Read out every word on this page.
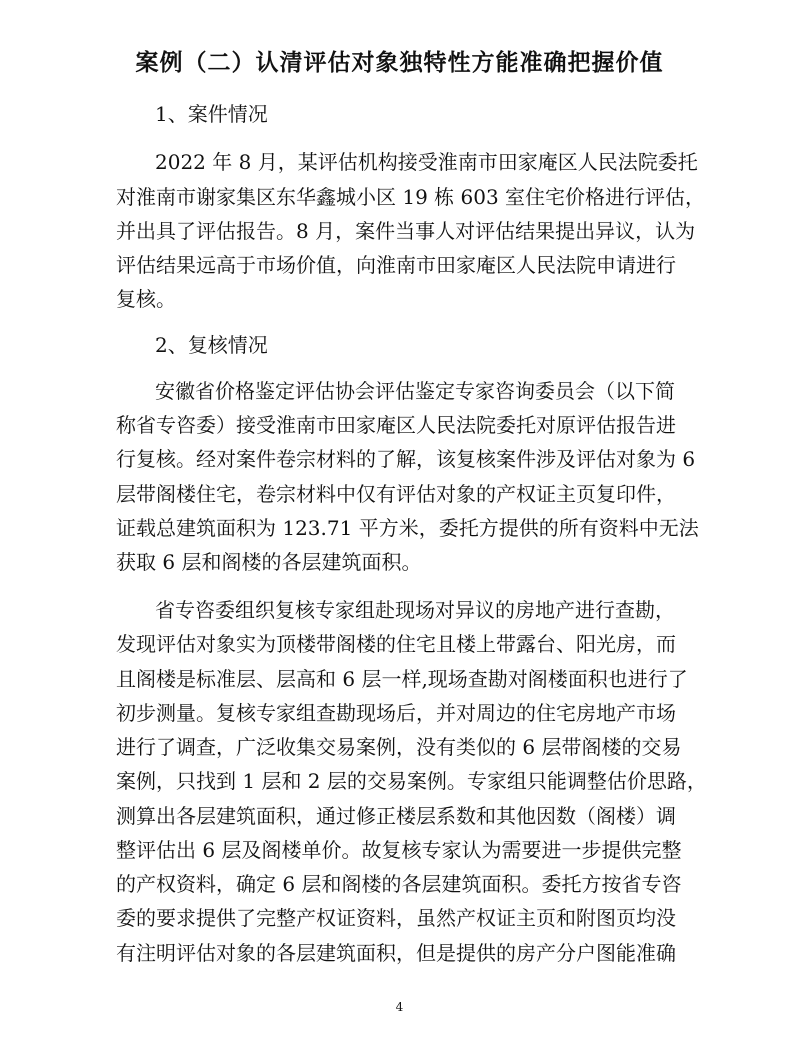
案例（二）认清评估对象独特性方能准确把握价值
1、案件情况
2022 年 8 月，某评估机构接受淮南市田家庵区人民法院委托
对淮南市谢家集区东华鑫城小区 19 栋 603 室住宅价格进行评估，
并出具了评估报告。8 月，案件当事人对评估结果提出异议，认为
评估结果远高于市场价值，向淮南市田家庵区人民法院申请进行
复核。
2、复核情况
安徽省价格鉴定评估协会评估鉴定专家咨询委员会（以下简
称省专咨委）接受淮南市田家庵区人民法院委托对原评估报告进
行复核。经对案件卷宗材料的了解，该复核案件涉及评估对象为 6
层带阁楼住宅，卷宗材料中仅有评估对象的产权证主页复印件，
证载总建筑面积为 123.71 平方米，委托方提供的所有资料中无法
获取 6 层和阁楼的各层建筑面积。
省专咨委组织复核专家组赴现场对异议的房地产进行查勘，
发现评估对象实为顶楼带阁楼的住宅且楼上带露台、阳光房，而
且阁楼是标准层、层高和 6 层一样,现场查勘对阁楼面积也进行了
初步测量。复核专家组查勘现场后，并对周边的住宅房地产市场
进行了调查，广泛收集交易案例，没有类似的 6 层带阁楼的交易
案例，只找到 1 层和 2 层的交易案例。专家组只能调整估价思路，
测算出各层建筑面积，通过修正楼层系数和其他因数（阁楼）调
整评估出 6 层及阁楼单价。故复核专家认为需要进一步提供完整
的产权资料，确定 6 层和阁楼的各层建筑面积。委托方按省专咨
委的要求提供了完整产权证资料，虽然产权证主页和附图页均没
有注明评估对象的各层建筑面积，但是提供的房产分户图能准确
4
